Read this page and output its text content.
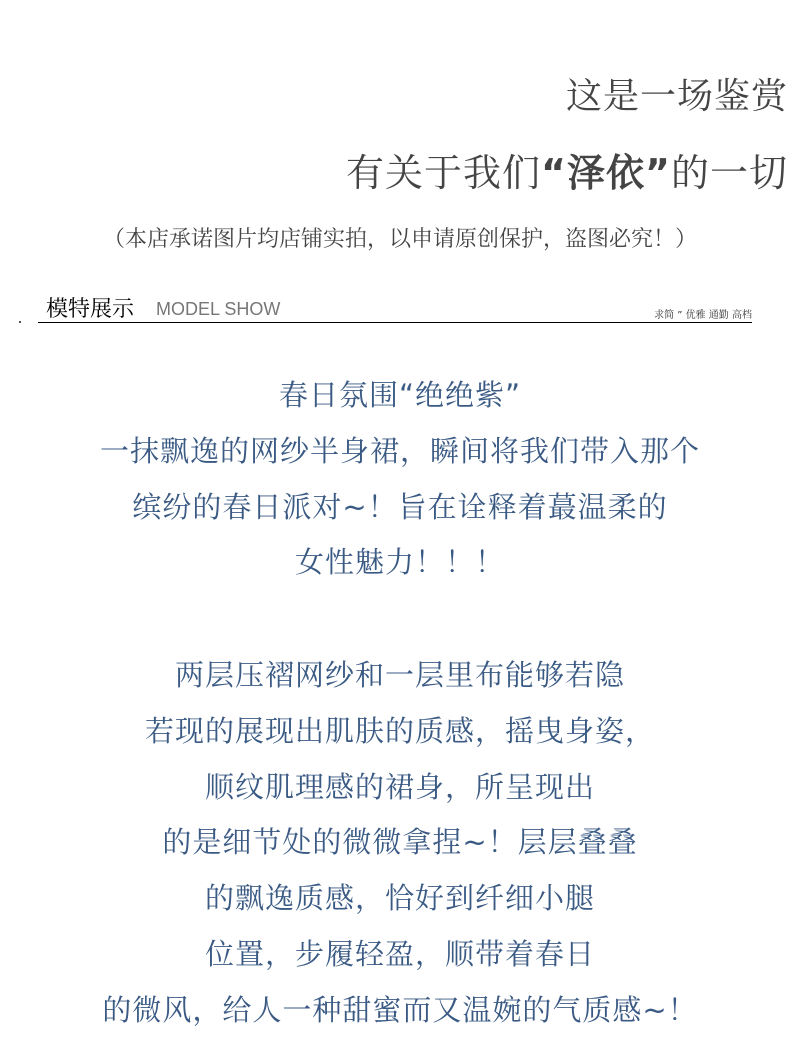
这是一场鉴赏
有关于我们“泽依”的一切
（本店承诺图片均店铺实拍，以申请原创保护，盗图必究！）
模特展示 MODEL SHOW	求简 ” 优雅 通勤 高档
春日氛围“绝绝紫”
一抹飘逸的网纱半身裙，瞬间将我们带入那个
缤纷的春日派对~！旨在诠释着蕞温柔的
女性魅力！！！
两层压褶网纱和一层里布能够若隐
若现的展现出肌肤的质感，摇曳身姿，
顺纹肌理感的裙身，所呈现出
的是细节处的微微拿捏~！层层叠叠
的飘逸质感，恰好到纤细小腿
位置，步履轻盈，顺带着春日
的微风，给人一种甜蜜而又温婉的气质感~！
